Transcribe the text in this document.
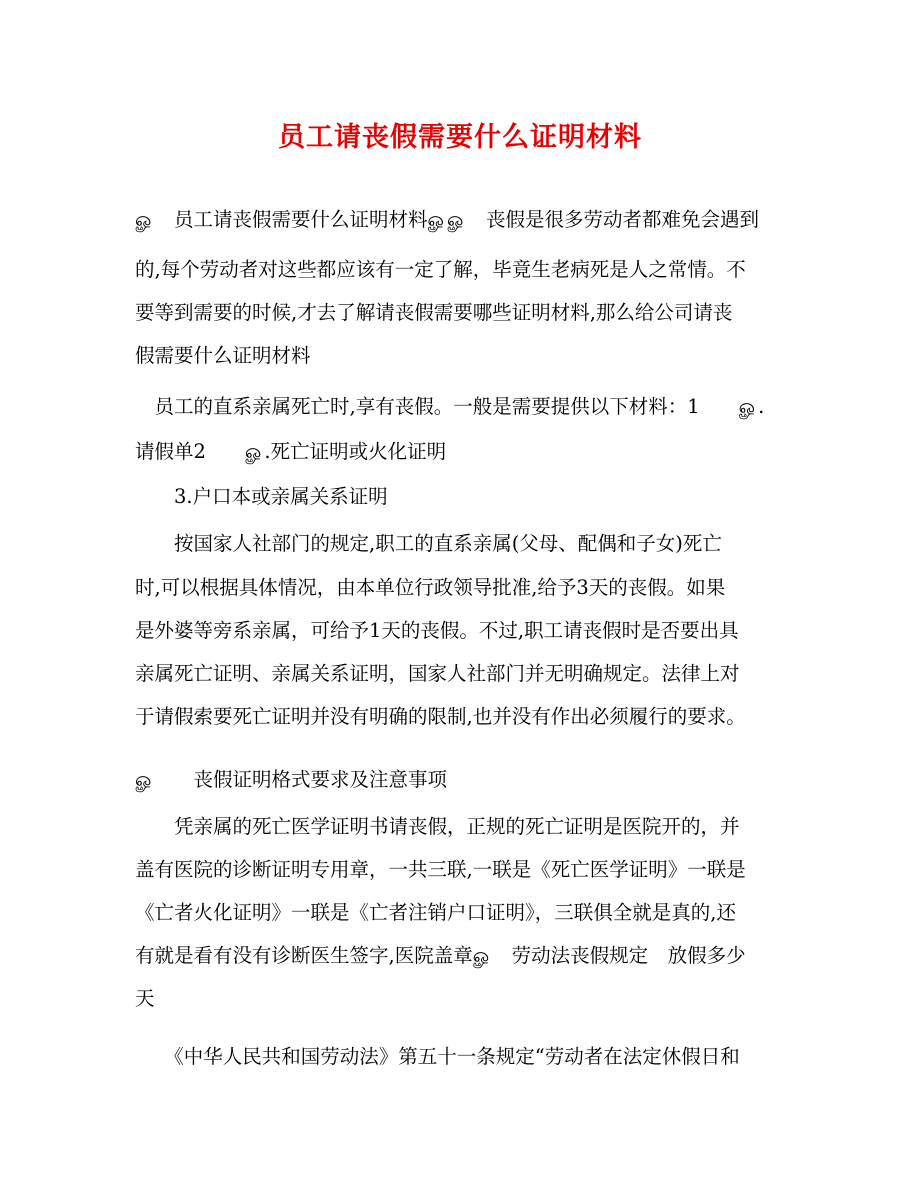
员工请丧假需要什么证明材料
ௐ　员工请丧假需要什么证明材料ௐௐ　丧假是很多劳动者都难免会遇到
的,每个劳动者对这些都应该有一定了解，毕竟生老病死是人之常情。不
要等到需要的时候,才去了解请丧假需要哪些证明材料,那么给公司请丧
假需要什么证明材料
　员工的直系亲属死亡时,享有丧假。一般是需要提供以下材料：1　　ௐ.
请假单2　　ௐ.死亡证明或火化证明
　　3.户口本或亲属关系证明
　　按国家人社部门的规定,职工的直系亲属(父母、配偶和子女)死亡
时,可以根据具体情况，由本单位行政领导批准,给予3天的丧假。如果
是外婆等旁系亲属，可给予1天的丧假。不过,职工请丧假时是否要出具
亲属死亡证明、亲属关系证明，国家人社部门并无明确规定。法律上对
于请假索要死亡证明并没有明确的限制,也并没有作出必须履行的要求。
ௐ　　丧假证明格式要求及注意事项
　　凭亲属的死亡医学证明书请丧假，正规的死亡证明是医院开的，并
盖有医院的诊断证明专用章，一共三联,一联是《死亡医学证明》一联是
《亡者火化证明》一联是《亡者注销户口证明》，三联俱全就是真的,还
有就是看有没有诊断医生签字,医院盖章ௐ　劳动法丧假规定　放假多少
天
　　《中华人民共和国劳动法》第五十一条规定“劳动者在法定休假日和
